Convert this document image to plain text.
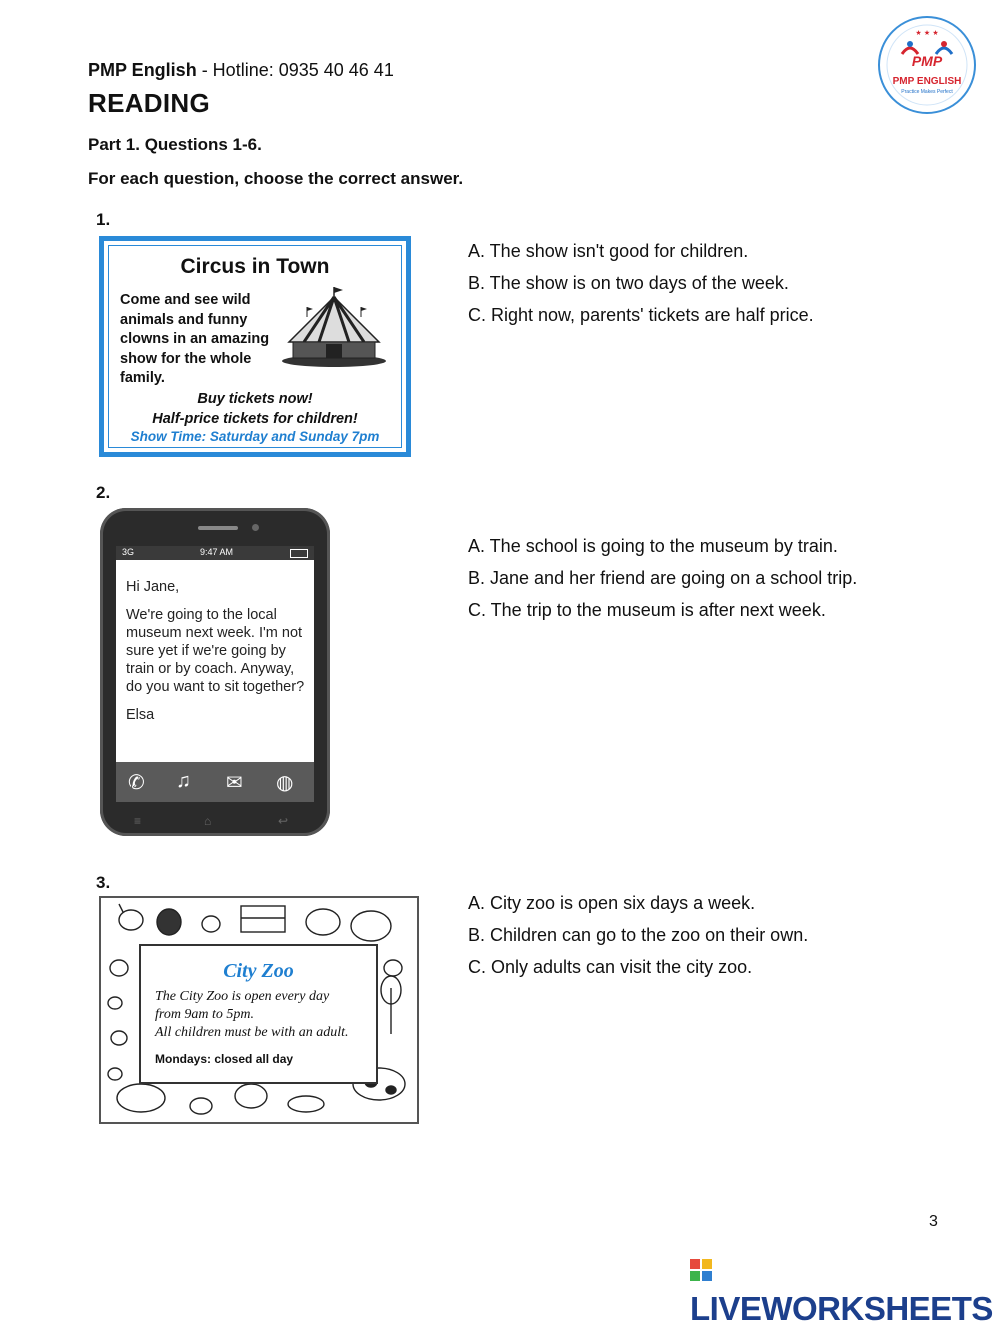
PMP English - Hotline: 0935 40 46 41
READING
Part 1. Questions 1-6.
For each question, choose the correct answer.
★ ★ ★
PMP
PMP ENGLISH
Practice Makes Perfect
1.
Circus in Town
Come and see wild animals and funny clowns in an amazing show for the whole family.
Buy tickets now!
Half-price tickets for children!
Show Time: Saturday and Sunday 7pm
A. The show isn't good for children.
B. The show is on two days of the week.
C. Right now, parents' tickets are half price.
2.
3G	9:47 AM

Hi Jane,

We're going to the local museum next week. I'm not sure yet if we're going by train or by coach. Anyway, do you want to sit together?

Elsa

✆ ♫ ✉ ◍
≡	⌂	↩
A. The school is going to the museum by train.
B. Jane and her friend are going on a school trip.
C. The trip to the museum is after next week.
3.
City Zoo
The City Zoo is open every day
from 9am to 5pm.
All children must be with an adult.
Mondays: closed all day
A. City zoo is open six days a week.
B. Children can go to the zoo on their own.
C. Only adults can visit the city zoo.
3
LIVEWORKSHEETS
